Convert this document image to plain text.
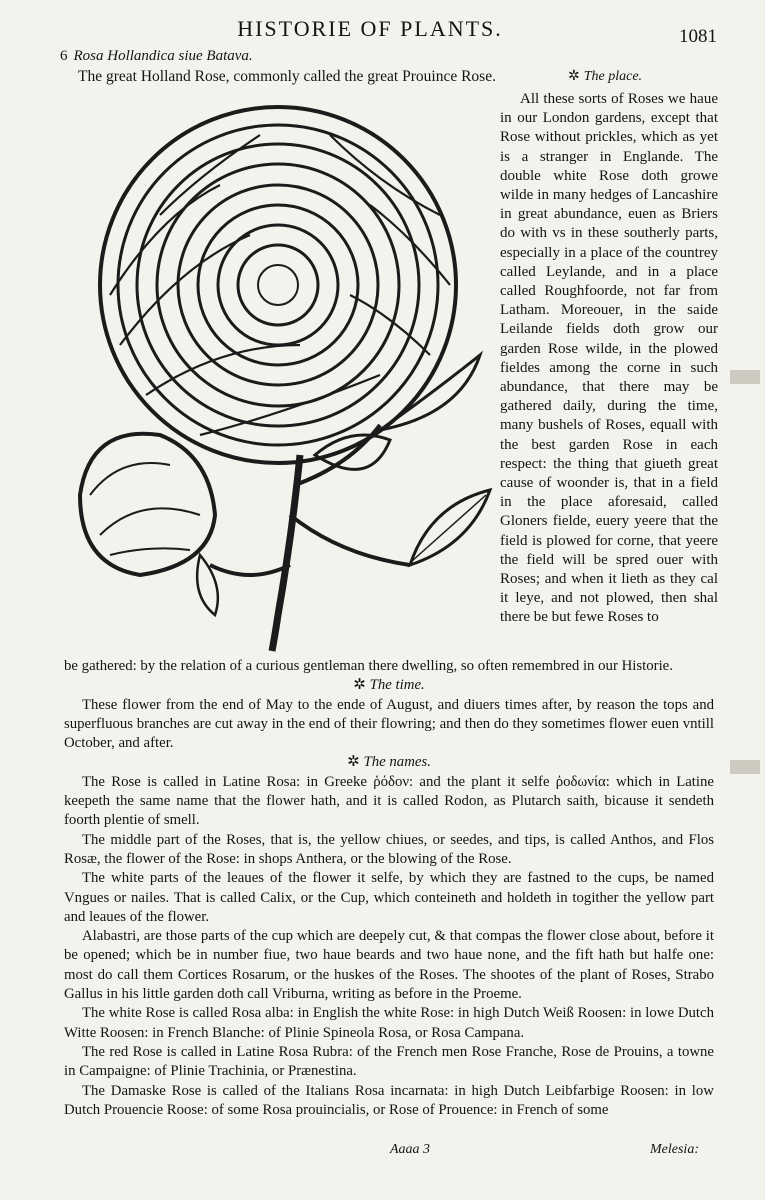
HISTORIE OF PLANTS.	1081
6 Rosa Hollandica siue Batava.
The great Holland Rose, commonly called the great Prouince Rose.	✲ The place.

All these sorts of Roses we haue in our London gardens, except that Rose without prickles, which as yet is a stranger in Englande. The double white Rose doth growe wilde in many hedges of Lancashire in great abundance, euen as Briers do with vs in these southerly parts, especially in a place of the countrey called Leylande, and in a place called Roughfoorde, not far from Latham. Moreouer, in the saide Leilande fields doth grow our garden Rose wilde, in the plowed fieldes among the corne in such abundance, that there may be gathered daily, during the time, many bushels of Roses, equall with the best garden Rose in each respect: the thing that giueth great cause of woonder is, that in a field in the place aforesaid, called Gloners fielde, euery yeere that the field is plowed for corne, that yeere the field will be spred ouer with Roses; and when it lieth as they cal it leye, and not plowed, then shal there be but fewe Roses to

be gathered: by the relation of a curious gentleman there dwelling, so often remembred in our Historie.

✲ The time.

These flower from the end of May to the ende of August, and diuers times after, by reason the tops and superfluous branches are cut away in the end of their flowring; and then do they sometimes flower euen vntill October, and after.

✲ The names.

The Rose is called in Latine Rosa: in Greeke ῥόδον: and the plant it selfe ῥοδωνία: which in Latine keepeth the same name that the flower hath, and it is called Rodon, as Plutarch saith, bicause it sendeth foorth plentie of smell.

The middle part of the Roses, that is, the yellow chiues, or seedes, and tips, is called Anthos, and Flos Rosæ, the flower of the Rose: in shops Anthera, or the blowing of the Rose.

The white parts of the leaues of the flower it selfe, by which they are fastned to the cups, be named Vngues or nailes. That is called Calix, or the Cup, which conteineth and holdeth in togither the yellow part and leaues of the flower.

Alabastri, are those parts of the cup which are deepely cut, & that compas the flower close about, before it be opened; which be in number fiue, two haue beards and two haue none, and the fift hath but halfe one: most do call them Cortices Rosarum, or the huskes of the Roses. The shootes of the plant of Roses, Strabo Gallus in his little garden doth call Vriburna, writing as before in the Proeme.

The white Rose is called Rosa alba: in English the white Rose: in high Dutch Weiß Roosen: in lowe Dutch Witte Roosen: in French Blanche: of Plinie Spineola Rosa, or Rosa Campana.

The red Rose is called in Latine Rosa Rubra: of the French men Rose Franche, Rose de Prouins, a towne in Campaigne: of Plinie Trachinia, or Prænestina.

The Damaske Rose is called of the Italians Rosa incarnata: in high Dutch Leibfarbige Roosen: in low Dutch Prouencie Roose: of some Rosa prouincialis, or Rose of Prouence: in French of some

Aaaa 3	Melesia:
